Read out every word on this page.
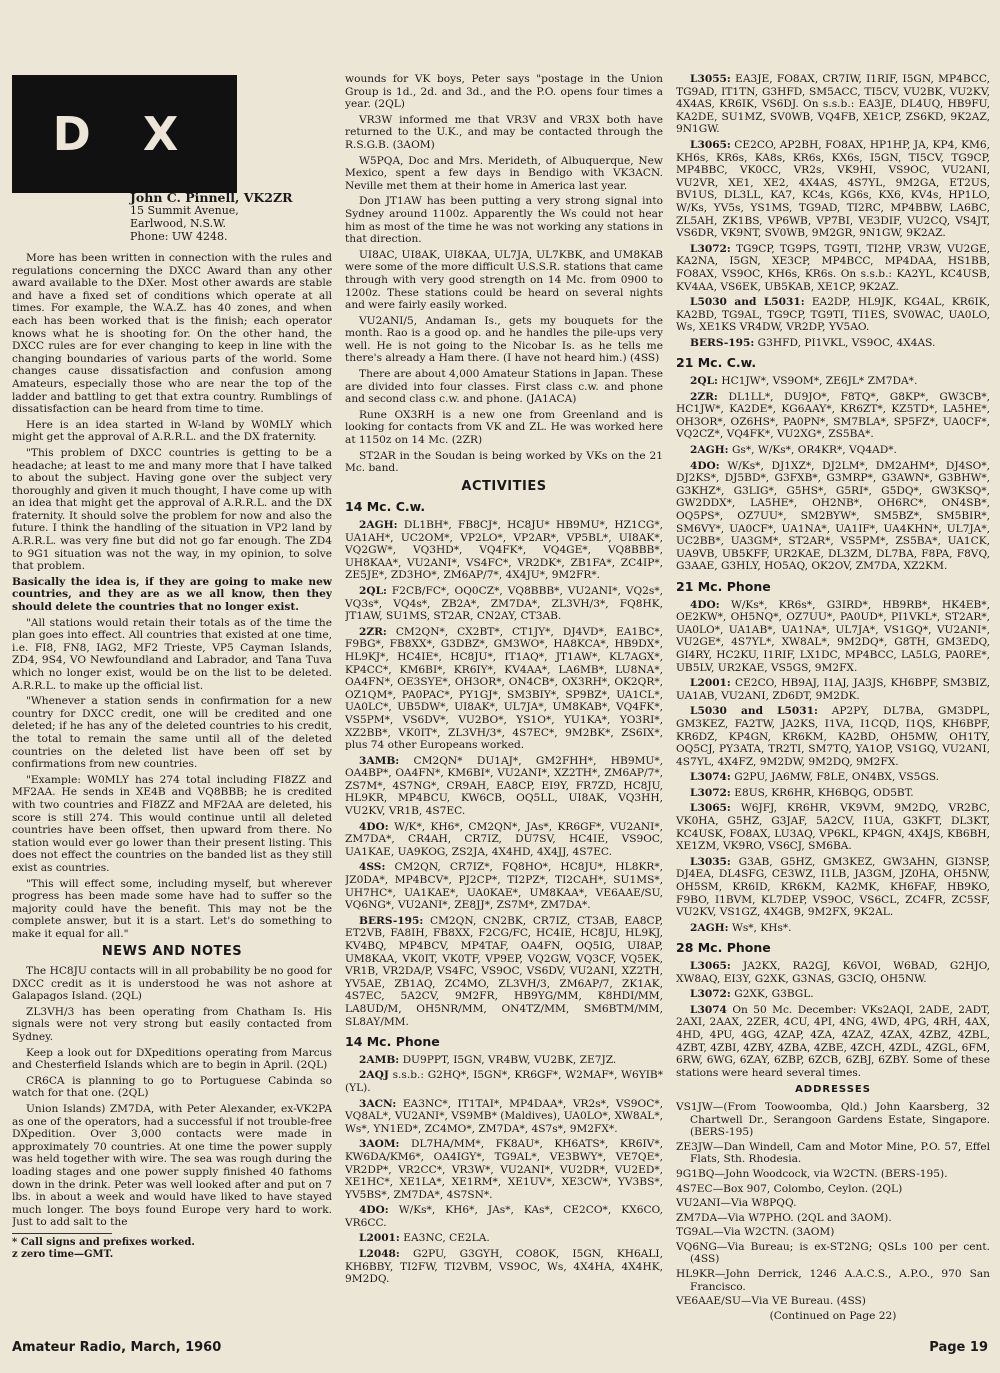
D X
John C. Pinnell, VK2ZR
15 Summit Avenue,
Earlwood, N.S.W.
Phone: UW 4248.

More has been written in connection with the rules and regulations concerning the DXCC Award than any other award available to the DXer. Most other awards are stable and have a fixed set of conditions which operate at all times. For example, the W.A.Z. has 40 zones, and when each has been worked that is the finish; each operator knows what he is shooting for. On the other hand, the DXCC rules are for ever changing to keep in line with the changing boundaries of various parts of the world. Some changes cause dissatisfaction and confusion among Amateurs, especially those who are near the top of the ladder and battling to get that extra country. Rumblings of dissatisfaction can be heard from time to time.

Here is an idea started in W-land by W0MLY which might get the approval of A.R.R.L. and the DX fraternity.

"This problem of DXCC countries is getting to be a headache; at least to me and many more that I have talked to about the subject. Having gone over the subject very thoroughly and given it much thought, I have come up with an idea that might get the approval of A.R.R.L. and the DX fraternity. It should solve the problem for now and also the future. I think the handling of the situation in VP2 land by A.R.R.L. was very fine but did not go far enough. The ZD4 to 9G1 situation was not the way, in my opinion, to solve that problem.

Basically the idea is, if they are going to make new countries, and they are as we all know, then they should delete the countries that no longer exist.

"All stations would retain their totals as of the time the plan goes into effect. All countries that existed at one time, i.e. FI8, FN8, IAG2, MF2 Trieste, VP5 Cayman Islands, ZD4, 9S4, VO Newfoundland and Labrador, and Tana Tuva which no longer exist, would be on the list to be deleted. A.R.R.L. to make up the official list.

"Whenever a station sends in confirmation for a new country for DXCC credit, one will be credited and one deleted; if he has any of the deleted countries to his credit, the total to remain the same until all of the deleted countries on the deleted list have been off set by confirmations from new countries.

"Example: W0MLY has 274 total including FI8ZZ and MF2AA. He sends in XE4B and VQ8BBB; he is credited with two countries and FI8ZZ and MF2AA are deleted, his score is still 274. This would continue until all deleted countries have been offset, then upward from there. No station would ever go lower than their present listing. This does not effect the countries on the banded list as they still exist as countries.

"This will effect some, including myself, but wherever progress has been made some have had to suffer so the majority could have the benefit. This may not be the complete answer, but it is a start. Let's do something to make it equal for all."

NEWS AND NOTES

The HC8JU contacts will in all probability be no good for DXCC credit as it is understood he was not ashore at Galapagos Island. (2QL)

ZL3VH/3 has been operating from Chatham Is. His signals were not very strong but easily contacted from Sydney.

Keep a look out for DXpeditions operating from Marcus and Chesterfield Islands which are to begin in April. (2QL)

CR6CA is planning to go to Portuguese Cabinda so watch for that one. (2QL)

Union Islands) ZM7DA, with Peter Alexander, ex-VK2PA as one of the operators, had a successful if not trouble-free DXpedition. Over 3,000 contacts were made in approximately 70 countries. At one time the power supply was held together with wire. The sea was rough during the loading stages and one power supply finished 40 fathoms down in the drink. Peter was well looked after and put on 7 lbs. in about a week and would have liked to have stayed much longer. The boys found Europe very hard to work. Just to add salt to the

* Call signs and prefixes worked.
z zero time—GMT.

wounds for VK boys, Peter says "postage in the Union Group is 1d., 2d. and 3d., and the P.O. opens four times a year. (2QL)

VR3W informed me that VR3V and VR3X both have returned to the U.K., and may be contacted through the R.S.G.B. (3AOM)

W5PQA, Doc and Mrs. Merideth, of Albuquerque, New Mexico, spent a few days in Bendigo with VK3ACN. Neville met them at their home in America last year.

Don JT1AW has been putting a very strong signal into Sydney around 1100z. Apparently the Ws could not hear him as most of the time he was not working any stations in that direction.

UI8AC, UI8AK, UI8KAA, UL7JA, UL7KBK, and UM8KAB were some of the more difficult U.S.S.R. stations that came through with very good strength on 14 Mc. from 0900 to 1200z. These stations could be heard on several nights and were fairly easily worked.

VU2ANI/5, Andaman Is., gets my bouquets for the month. Rao is a good op. and he handles the pile-ups very well. He is not going to the Nicobar Is. as he tells me there's already a Ham there. (I have not heard him.) (4SS)

There are about 4,000 Amateur Stations in Japan. These are divided into four classes. First class c.w. and phone and second class c.w. and phone. (JA1ACA)

Rune OX3RH is a new one from Greenland and is looking for contacts from VK and ZL. He was worked here at 1150z on 14 Mc. (2ZR)

ST2AR in the Soudan is being worked by VKs on the 21 Mc. band.

ACTIVITIES
14 Mc. C.w.

2AGH: DL1BH*, FB8CJ*, HC8JU* HB9MU*, HZ1CG*, UA1AH*, UC2OM*, VP2LO*, VP2AR*, VP5BL*, UI8AK*, VQ2GW*, VQ3HD*, VQ4FK*, VQ4GE*, VQ8BBB*, UH8KAA*, VU2ANI*, VS4FC*, VR2DK*, ZB1FA*, ZC4IP*, ZE5JE*, ZD3HO*, ZM6AP/7*, 4X4JU*, 9M2FR*.

2QL: F2CB/FC*, OQ0CZ*, VQ8BBB*, VU2ANI*, VQ2s*, VQ3s*, VQ4s*, ZB2A*, ZM7DA*, ZL3VH/3*, FQ8HK, JT1AW, SU1MS, ST2AR, CN2AY, CT3AB.

2ZR: CM2QN*, CX2BT*, CT1JY*, DJ4VD*, EA1BC*, F9BG*, FB8XX*, G3DBZ*, GM3WO*, HA8KCA*, HB9DX*, HL9KJ*, HC4IE*, HC8JU*, IT1AQ*, JT1AW*, KL7AGX*, KP4CC*, KM6BI*, KR6IY*, KV4AA*, LA6MB*, LU8NA*, OA4FN*, OE3SYE*, OH3OR*, ON4CB*, OX3RH*, OK2QR*, OZ1QM*, PA0PAC*, PY1GJ*, SM3BIY*, SP9BZ*, UA1CL*, UA0LC*, UB5DW*, UI8AK*, UL7JA*, UM8KAB*, VQ4FK*, VS5PM*, VS6DV*, VU2BO*, YS1O*, YU1KA*, YO3RI*, XZ2BB*, VK0IT*, ZL3VH/3*, 4S7EC*, 9M2BK*, ZS6IX*, plus 74 other Europeans worked.

3AMB: CM2QN* DU1AJ*, GM2FHH*, HB9MU*, OA4BP*, OA4FN*, KM6BI*, VU2ANI*, XZ2TH*, ZM6AP/7*, ZS7M*, 4S7NG*, CR9AH, EA8CP, EI9Y, FR7ZD, HC8JU, HL9KR, MP4BCU, KW6CB, OQ5LL, UI8AK, VQ3HH, VU2KV, VR1B, 4S7EC.

4DO: W/K*, KH6*, CM2QN*, JAs*, KR6GF*, VU2ANI*, ZM7DA*, CR4AH, CR7IZ, DU7SV, HC4IE, VS9OC, UA1KAE, UA9KOG, ZS2JA, 4X4HD, 4X4JJ, 4S7EC.

4SS: CM2QN, CR7IZ*, FQ8HO*, HC8JU*, HL8KR*, JZ0DA*, MP4BCV*, PJ2CP*, TI2PZ*, TI2CAH*, SU1MS*, UH7HC*, UA1KAE*, UA0KAE*, UM8KAA*, VE6AAE/SU, VQ6NG*, VU2ANI*, ZE8JJ*, ZS7M*, ZM7DA*.

BERS-195: CM2QN, CN2BK, CR7IZ, CT3AB, EA8CP, ET2VB, FA8IH, FB8XX, F2CG/FC, HC4IE, HC8JU, HL9KJ, KV4BQ, MP4BCV, MP4TAF, OA4FN, OQ5IG, UI8AP, UM8KAA, VK0IT, VK0TF, VP9EP, VQ2GW, VQ3CF, VQ5EK, VR1B, VR2DA/P, VS4FC, VS9OC, VS6DV, VU2ANI, XZ2TH, YV5AE, ZB1AQ, ZC4MO, ZL3VH/3, ZM6AP/7, ZK1AK, 4S7EC, 5A2CV, 9M2FR, HB9YG/MM, K8HDI/MM, LA8UD/M, OH5NR/MM, ON4TZ/MM, SM6BTM/MM, SL8AY/MM.

14 Mc. Phone

2AMB: DU9PPT, I5GN, VR4BW, VU2BK, ZE7JZ.

2AQJ s.s.b.: G2HQ*, I5GN*, KR6GF*, W2MAF*, W6YIB* (YL).

3ACN: EA3NC*, IT1TAI*, MP4DAA*, VR2s*, VS9OC*, VQ8AL*, VU2ANI*, VS9MB* (Maldives), UA0LO*, XW8AL*, Ws*, YN1ED*, ZC4MO*, ZM7DA*, 4S7s*, 9M2FX*.

3AOM: DL7HA/MM*, FK8AU*, KH6ATS*, KR6IV*, KW6DA/KM6*, OA4IGY*, TG9AL*, VE3BWY*, VE7QE*, VR2DP*, VR2CC*, VR3W*, VU2ANI*, VU2DR*, VU2ED*, XE1HC*, XE1LA*, XE1RM*, XE1UV*, XE3CW*, YV3BS*, YV5BS*, ZM7DA*, 4S7SN*.

4DO: W/Ks*, KH6*, JAs*, KAs*, CE2CO*, KX6CO, VR6CC.

L2001: EA3NC, CE2LA.

L2048: G2PU, G3GYH, CO8OK, I5GN, KH6ALI, KH6BBY, TI2FW, TI2VBM, VS9OC, Ws, 4X4HA, 4X4HK, 9M2DQ.

L3055: EA3JE, FO8AX, CR7IW, I1RIF, I5GN, MP4BCC, TG9AD, IT1TN, G3HFD, SM5ACC, TI5CV, VU2BK, VU2KV, 4X4AS, KR6IK, VS6DJ. On s.s.b.: EA3JE, DL4UQ, HB9FU, KA2DE, SU1MZ, SV0WB, VQ4FB, XE1CP, ZS6KD, 9K2AZ, 9N1GW.

L3065: CE2CO, AP2BH, FO8AX, HP1HP, JA, KP4, KM6, KH6s, KR6s, KA8s, KR6s, KX6s, I5GN, TI5CV, TG9CP, MP4BBC, VK0CC, VR2s, VK9HI, VS9OC, VU2ANI, VU2VR, XE1, XE2, 4X4AS, 4S7YL, 9M2GA, ET2US, BV1US, DL3LL, KA7, KC4s, KG6s, KX6, KV4s, HP1LO, W/Ks, YV5s, YS1MS, TG9AD, TI2RC, MP4BBW, LA6BC, ZL5AH, ZK1BS, VP6WB, VP7BI, VE3DIF, VU2CQ, VS4JT, VS6DR, VK9NT, SV0WB, 9M2GR, 9N1GW, 9K2AZ.

L3072: TG9CP, TG9PS, TG9TI, TI2HP, VR3W, VU2GE, KA2NA, I5GN, XE3CP, MP4BCC, MP4DAA, HS1BB, FO8AX, VS9OC, KH6s, KR6s. On s.s.b.: KA2YL, KC4USB, KV4AA, VS6EK, UB5KAB, XE1CP, 9K2AZ.

L5030 and L5031: EA2DP, HL9JK, KG4AL, KR6IK, KA2BD, TG9AL, TG9CP, TG9TI, TI1ES, SV0WAC, UA0LO, Ws, XE1KS VR4DW, VR2DP, YV5AO.

BERS-195: G3HFD, PI1VKL, VS9OC, 4X4AS.

21 Mc. C.w.

2QL: HC1JW*, VS9OM*, ZE6JL* ZM7DA*.

2ZR: DL1LL*, DU9JO*, F8TQ*, G8KP*, GW3CB*, HC1JW*, KA2DE*, KG6AAY*, KR6ZT*, KZ5TD*, LA5HE*, OH3OR*, OZ6HS*, PA0PN*, SM7BLA*, SP5FZ*, UA0CF*, VQ2CZ*, VQ4FK*, VU2XG*, ZS5BA*.

2AGH: Gs*, W/Ks*, OR4KR*, VQ4AD*.

4DO: W/Ks*, DJ1XZ*, DJ2LM*, DM2AHM*, DJ4SO*, DJ2KS*, DJ5BD*, G3FXB*, G3MRP*, G3AWN*, G3BHW*, G3KHZ*, G3LIG*, G5HS*, G5RI*, G5DQ*, GW3KSQ*, GW2DDX*, LA5HE*, OH2NB*, OH6RC*, ON4SB*, OQ5PS*, OZ7UU*, SM2BYW*, SM5BZ*, SM5BIR*, SM6VY*, UA0CF*, UA1NA*, UA1IF*, UA4KHN*, UL7JA*, UC2BB*, UA3GM*, ST2AR*, VS5PM*, ZS5BA*, UA1CK, UA9VB, UB5KFF, UR2KAE, DL3ZM, DL7BA, F8PA, F8VQ, G3AAE, G3HLY, HO5AQ, OK2OV, ZM7DA, XZ2KM.

21 Mc. Phone

4DO: W/Ks*, KR6s*, G3IRD*, HB9RB*, HK4EB*, OE2KW*, OH5NQ*, OZ7UU*, PA0UD*, PI1VKL*, ST2AR*, UA0LO*, UA1AB*, UA1NA*, UL7JA*, VS1GQ*, VU2ANI*, VU2GE*, 4S7YL*, XW8AL*, 9M2DQ*, G8TH, GM3EDQ, GI4RY, HC2KU, I1RIF, LX1DC, MP4BCC, LA5LG, PA0RE*, UB5LV, UR2KAE, VS5GS, 9M2FX.

L2001: CE2CO, HB9AJ, I1AJ, JA3JS, KH6BPF, SM3BIZ, UA1AB, VU2ANI, ZD6DT, 9M2DK.

L5030 and L5031: AP2PY, DL7BA, GM3DPL, GM3KEZ, FA2TW, JA2KS, I1VA, I1CQD, I1QS, KH6BPF, KR6DZ, KP4GN, KR6KM, KA2BD, OH5MW, OH1TY, OQ5CJ, PY3ATA, TR2TI, SM7TQ, YA1OP, VS1GQ, VU2ANI, 4S7YL, 4X4FZ, 9M2DW, 9M2DQ, 9M2FX.

L3074: G2PU, JA6MW, F8LE, ON4BX, VS5GS.

L3072: E8US, KR6HR, KH6BQG, OD5BT.

L3065: W6JFJ, KR6HR, VK9VM, 9M2DQ, VR2BC, VK0HA, G5HZ, G3JAF, 5A2CV, I1UA, G3KFT, DL3KT, KC4USK, FO8AX, LU3AQ, VP6KL, KP4GN, 4X4JS, KB6BH, XE1ZM, VK9RO, VS6CJ, SM6BA.

L3035: G3AB, G5HZ, GM3KEZ, GW3AHN, GI3NSP, DJ4EA, DL4SFG, CE3WZ, I1LB, JA3GM, JZ0HA, OH5NW, OH5SM, KR6ID, KR6KM, KA2MK, KH6FAF, HB9KO, F9BO, I1BVM, KL7DEP, VS9OC, VS6CL, ZC4FR, ZC5SF, VU2KV, VS1GZ, 4X4GB, 9M2FX, 9K2AL.

2AGH: Ws*, KHs*.

28 Mc. Phone

L3065: JA2KX, RA2GJ, K6VOI, W6BAD, G2HJO, XW8AQ, EI3Y, G2XK, G3NAS, G3CIQ, OH5NW.

L3072: G2XK, G3BGL.

L3074 On 50 Mc. December: VKs2AQI, 2ADE, 2ADT, 2AXI, 2AAX, 2ZER, 4CU, 4PI, 4NG, 4WD, 4PG, 4RH, 4AX, 4HD, 4PU, 4GG, 4ZAP, 4ZA, 4ZAZ, 4ZAX, 4ZBZ, 4ZBL, 4ZBT, 4ZBI, 4ZBY, 4ZBA, 4ZBE, 4ZCH, 4ZDL, 4ZGL, 6FM, 6RW, 6WG, 6ZAY, 6ZBP, 6ZCB, 6ZBJ, 6ZBY. Some of these stations were heard several times.

ADDRESSES

VS1JW—(From Toowoomba, Qld.) John Kaarsberg, 32 Chartwell Dr., Serangoon Gardens Estate, Singapore. (BERS-195)

ZE3JW—Dan Windell, Cam and Motor Mine, P.O. 57, Effel Flats, Sth. Rhodesia.

9G1BQ—John Woodcock, via W2CTN. (BERS-195).

4S7EC—Box 907, Colombo, Ceylon. (2QL)

VU2ANI—Via W8PQQ.

ZM7DA—Via W7PHO. (2QL and 3AOM).

TG9AL—Via W2CTN. (3AOM)

VQ6NG—Via Bureau; is ex-ST2NG; QSLs 100 per cent. (4SS)

HL9KR—John Derrick, 1246 A.A.C.S., A.P.O., 970 San Francisco.

VE6AAE/SU—Via VE Bureau. (4SS)

(Continued on Page 22)

Amateur Radio, March, 1960	Page 19
